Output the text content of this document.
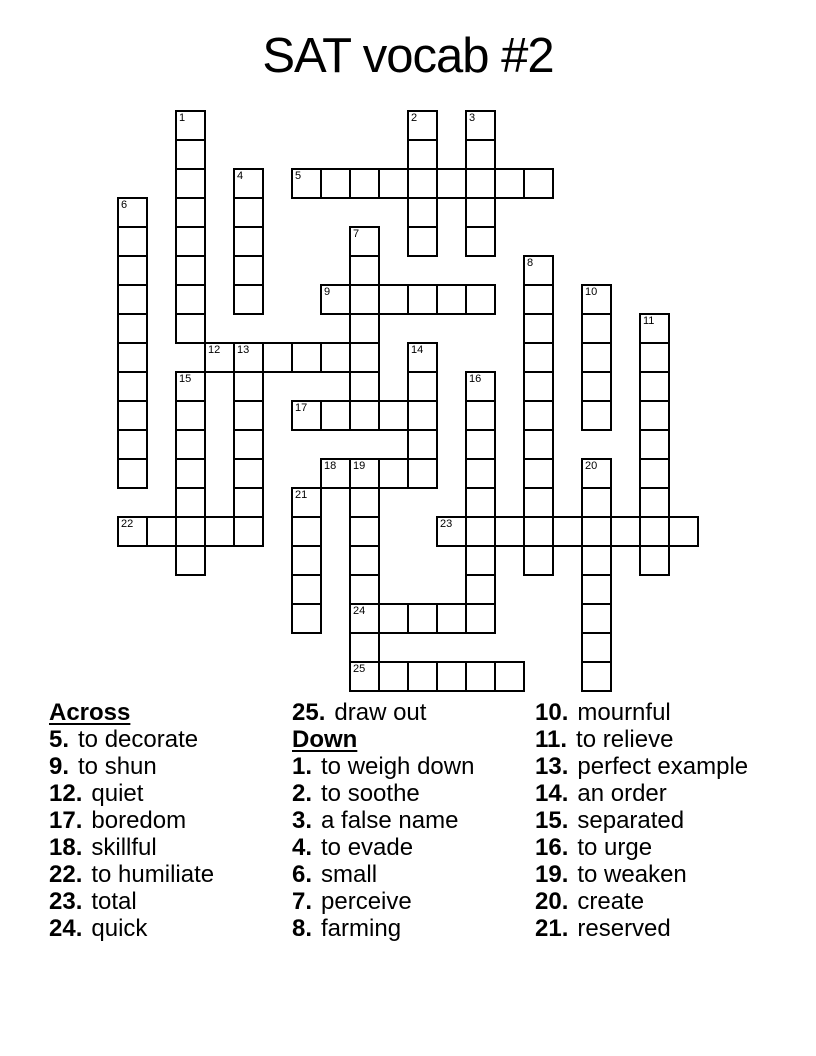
SAT vocab #2
1	2	3
4	5
6
7
8
9	10
11
12 13	14
15	16
17
18 19
24
25
20
21
22	23
Across
5. to decorate
9. to shun
12. quiet
17. boredom
18. skillful
22. to humiliate
23. total
24. quick
25. draw out
Down
1. to weigh down
2. to soothe
3. a false name
4. to evade
6. small
7. perceive
8. farming
10. mournful
11. to relieve
13. perfect example
14. an order
15. separated
16. to urge
19. to weaken
20. create
21. reserved
